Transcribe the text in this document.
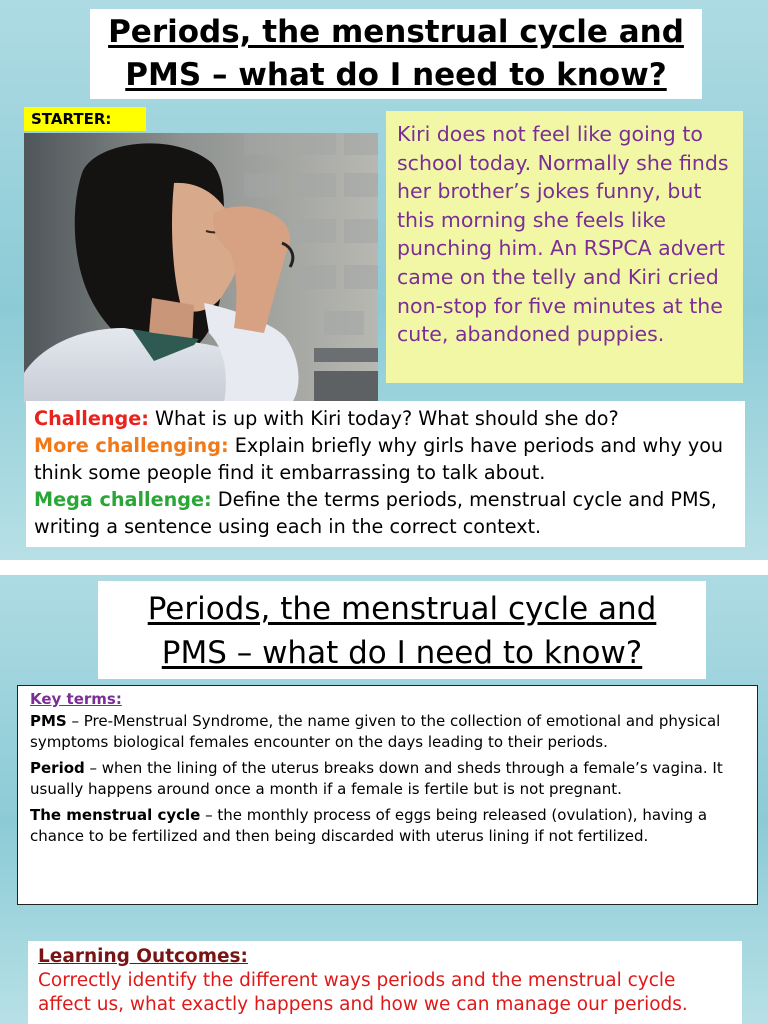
Periods, the menstrual cycle and
PMS – what do I need to know?
STARTER:
Kiri does not feel like going to school today. Normally she finds her brother’s jokes funny, but this morning she feels like punching him. An RSPCA advert came on the telly and Kiri cried non-stop for five minutes at the cute, abandoned puppies.
Challenge: What is up with Kiri today? What should she do?
More challenging: Explain briefly why girls have periods and why you think some people find it embarrassing to talk about.
Mega challenge: Define the terms periods, menstrual cycle and PMS, writing a sentence using each in the correct context.
Periods, the menstrual cycle and
PMS – what do I need to know?
Key terms:
PMS – Pre-Menstrual Syndrome, the name given to the collection of emotional and physical symptoms biological females encounter on the days leading to their periods.
Period – when the lining of the uterus breaks down and sheds through a female’s vagina. It usually happens around once a month if a female is fertile but is not pregnant.
The menstrual cycle – the monthly process of eggs being released (ovulation), having a chance to be fertilized and then being discarded with uterus lining if not fertilized.
Learning Outcomes:
Correctly identify the different ways periods and the menstrual cycle affect us, what exactly happens and how we can manage our periods.
